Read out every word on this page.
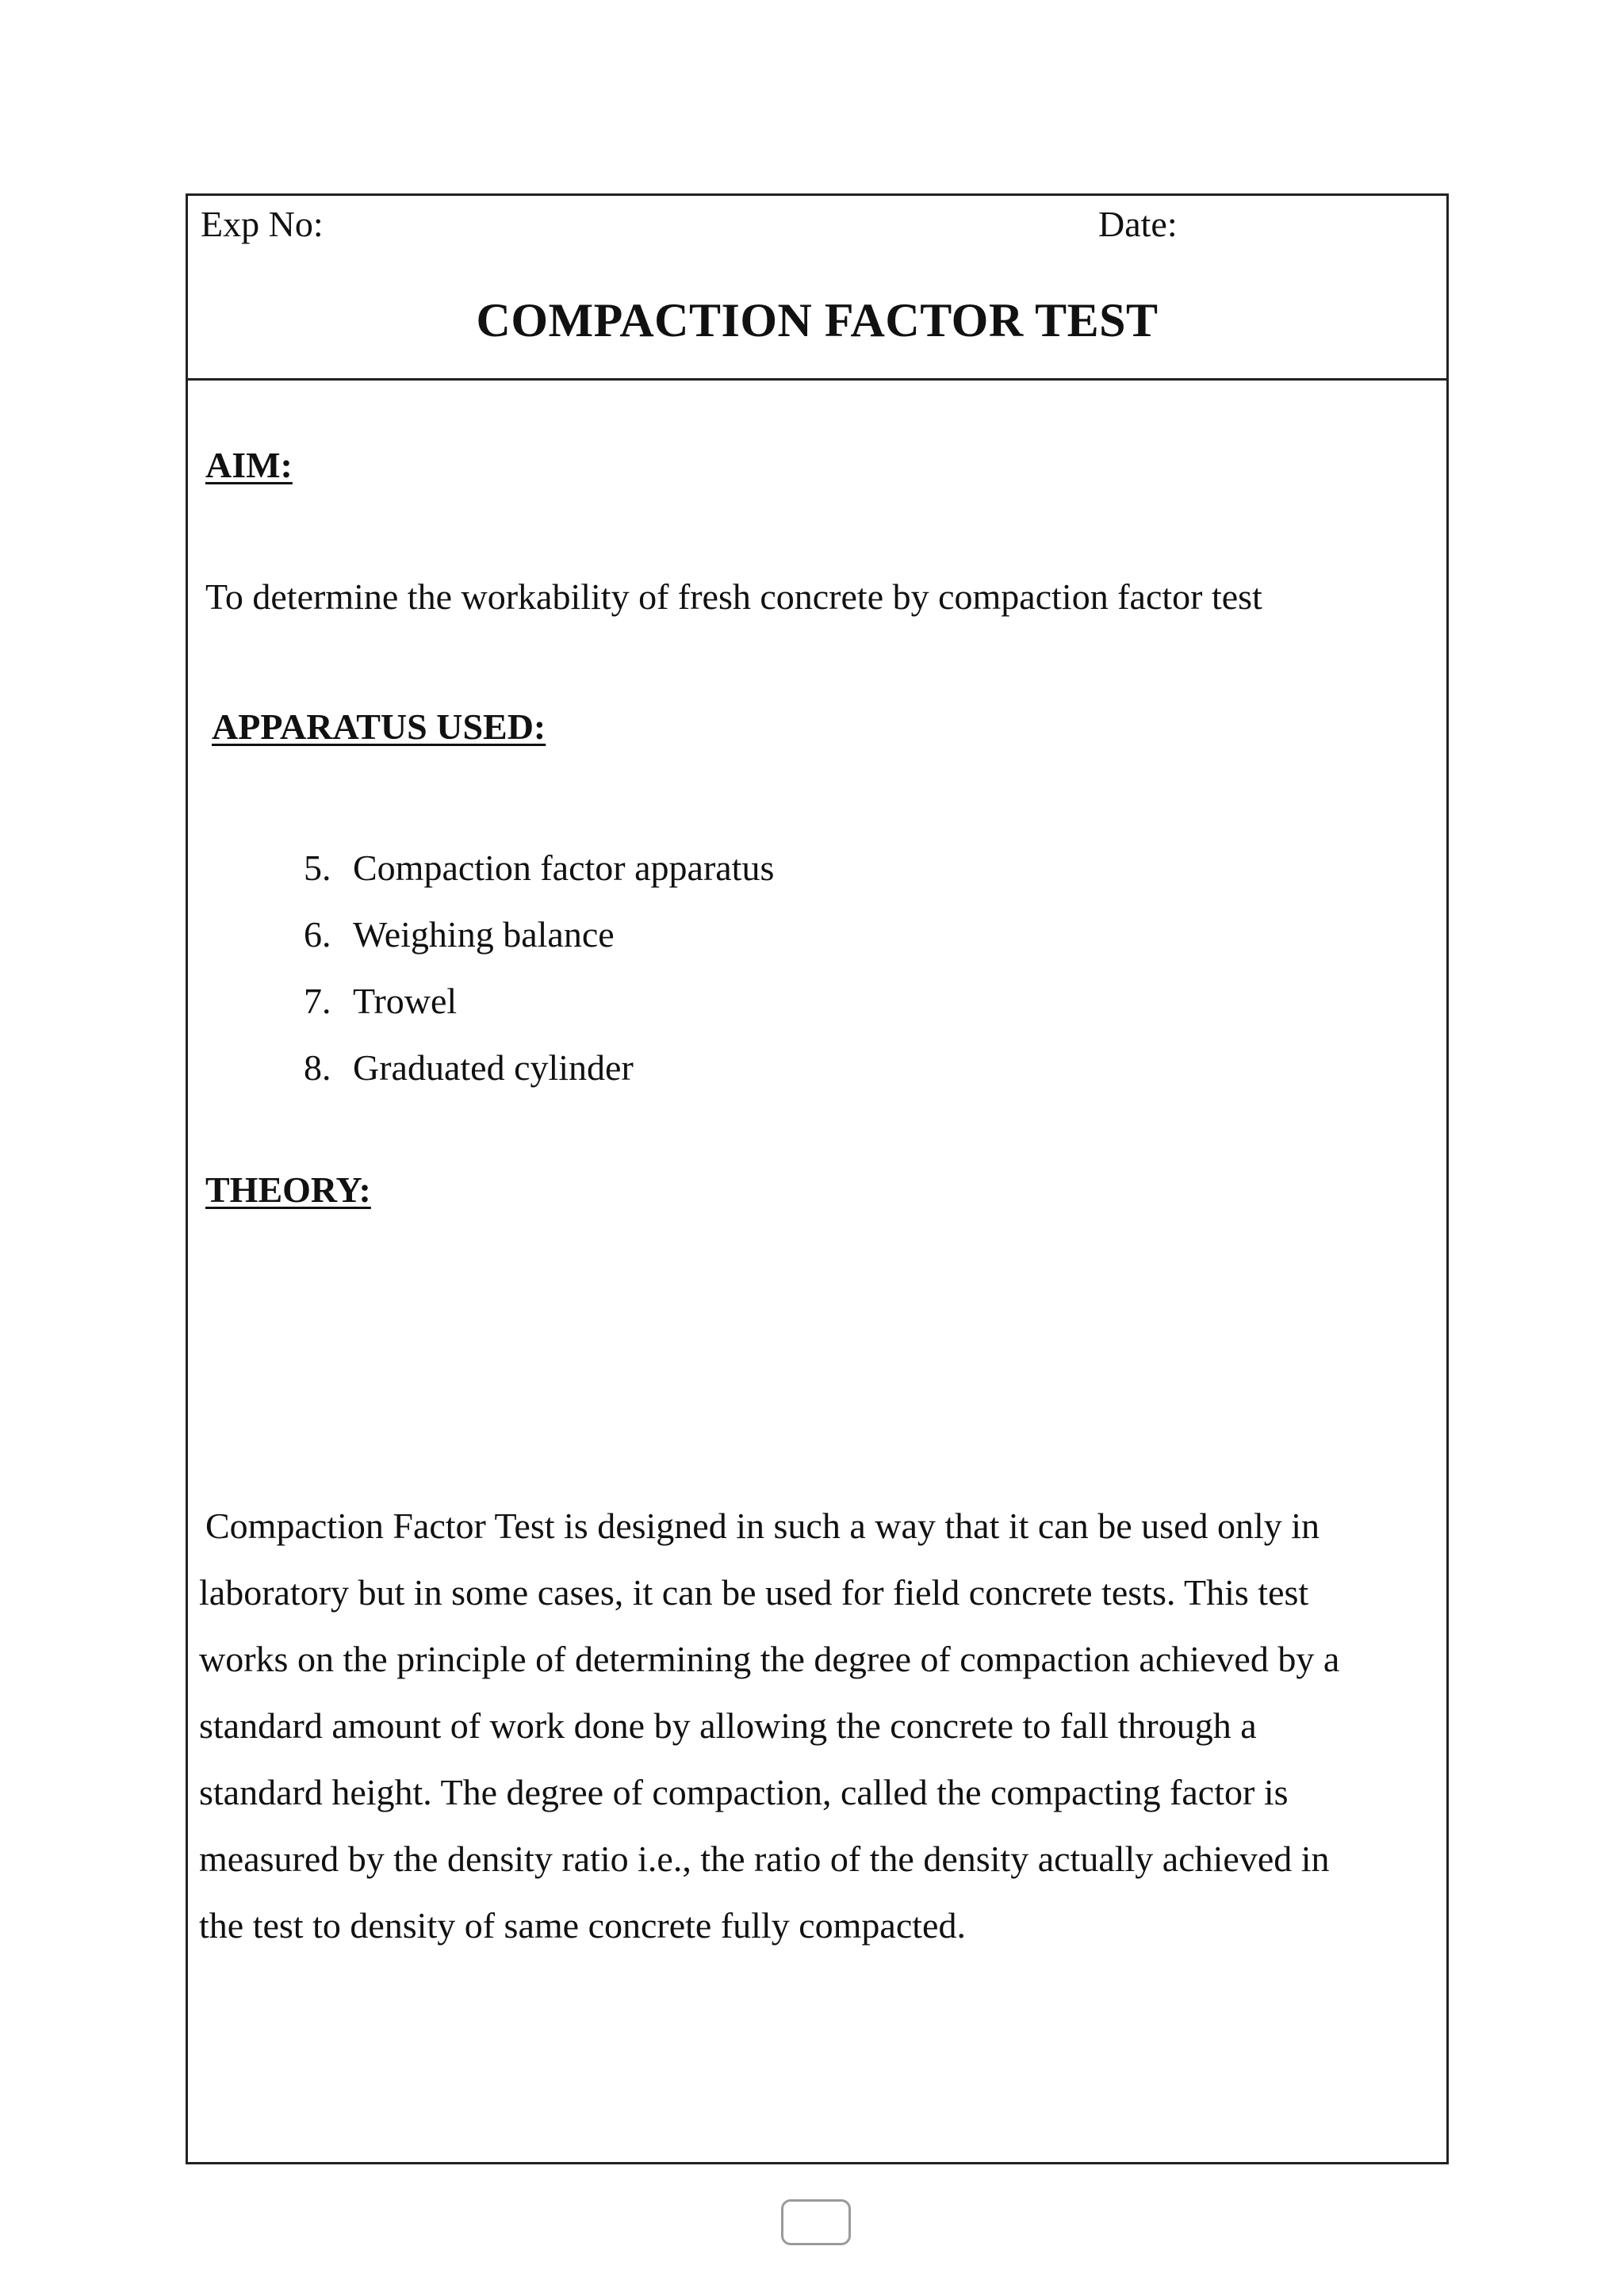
Exp No:	Date:
COMPACTION FACTOR TEST
AIM:
To determine the workability of fresh concrete by compaction factor test
APPARATUS USED:
5. Compaction factor apparatus
6. Weighing balance
7. Trowel
8. Graduated cylinder
THEORY:
Compaction Factor Test is designed in such a way that it can be used only in
laboratory but in some cases, it can be used for field concrete tests. This test
works on the principle of determining the degree of compaction achieved by a
standard amount of work done by allowing the concrete to fall through a
standard height. The degree of compaction, called the compacting factor is
measured by the density ratio i.e., the ratio of the density actually achieved in
the test to density of same concrete fully compacted.
